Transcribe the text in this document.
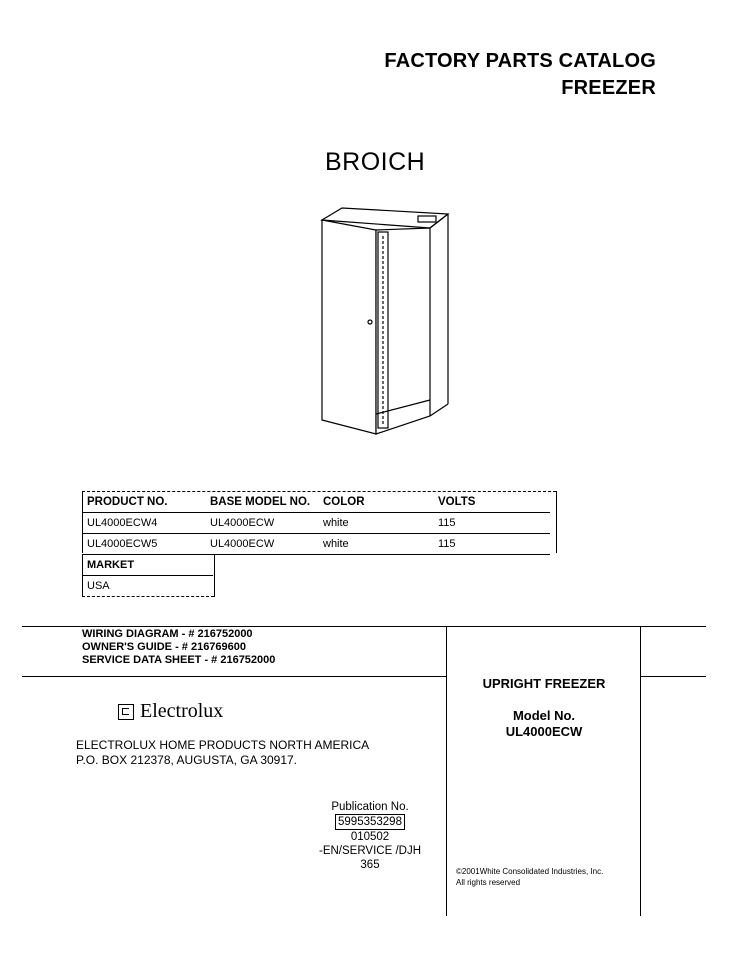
FACTORY PARTS CATALOG
FREEZER
BROICH
PRODUCT NO.	BASE MODEL NO.	COLOR	VOLTS
UL4000ECW4	UL4000ECW	white	115
UL4000ECW5	UL4000ECW	white	115
MARKET
USA
WIRING DIAGRAM - # 216752000
OWNER'S GUIDE - # 216769600
SERVICE DATA SHEET - # 216752000
Electrolux
ELECTROLUX HOME PRODUCTS NORTH AMERICA
P.O. BOX 212378, AUGUSTA, GA 30917.
Publication No.
5995353298
010502
-EN/SERVICE /DJH
365
UPRIGHT FREEZER
Model No.
UL4000ECW
©2001White Consolidated Industries, Inc.
All rights reserved
